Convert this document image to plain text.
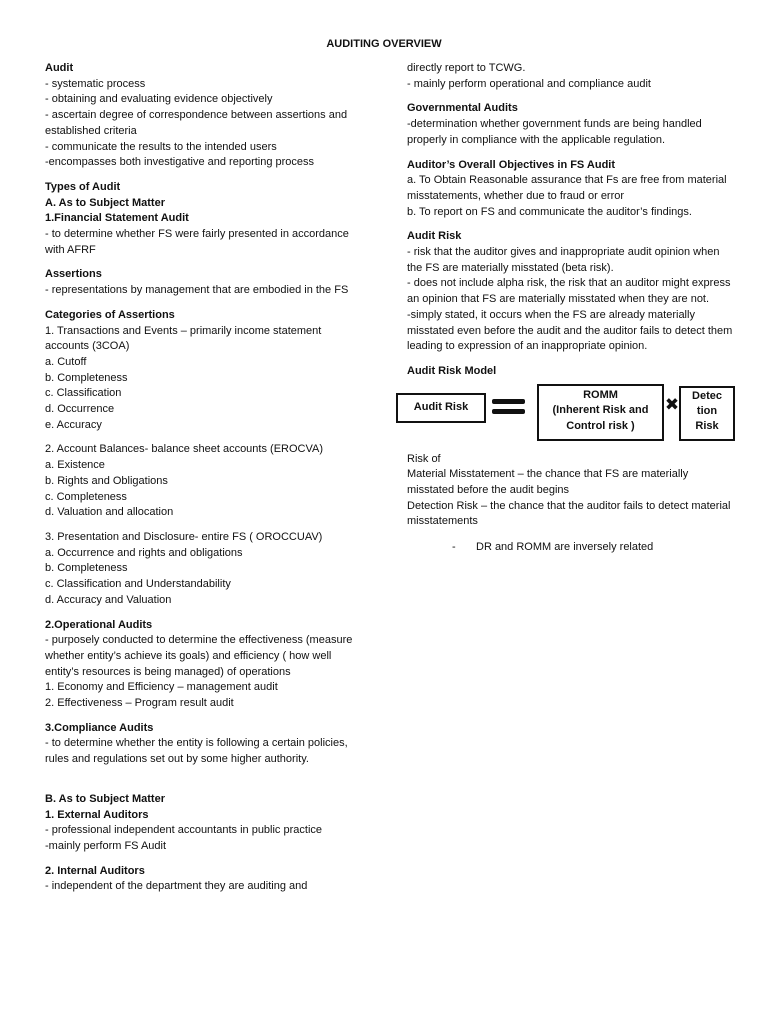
AUDITING OVERVIEW
Audit
- systematic process
- obtaining and evaluating evidence objectively
- ascertain degree of correspondence between assertions and established criteria
- communicate the results to the intended users
-encompasses both investigative and reporting process
Types of Audit
A. As to Subject Matter
1.Financial Statement Audit
- to determine whether FS were fairly presented in accordance with AFRF
Assertions
- representations by management that are embodied in the FS
Categories of Assertions
1. Transactions and Events – primarily income statement accounts (3COA)
a. Cutoff
b. Completeness
c. Classification
d. Occurrence
e. Accuracy
2. Account Balances- balance sheet accounts (EROCVA)
a. Existence
b. Rights and Obligations
c. Completeness
d. Valuation and allocation
3. Presentation and Disclosure- entire FS ( OROCCUAV)
a. Occurrence and rights and obligations
b. Completeness
c. Classification and Understandability
d. Accuracy and Valuation
2.Operational Audits
- purposely conducted to determine the effectiveness (measure whether entity’s achieve its goals) and efficiency ( how well entity’s resources is being managed) of operations
1. Economy and Efficiency – management audit
2. Effectiveness – Program result audit
3.Compliance Audits
- to determine whether the entity is following a certain policies, rules and regulations set out by some higher authority.
B. As to Subject Matter
1. External Auditors
- professional independent accountants in public practice
-mainly perform FS Audit
2. Internal Auditors
- independent of the department they are auditing and
directly report to TCWG.
- mainly perform operational and compliance audit
Governmental Audits
-determination whether government funds are being handled properly in compliance with the applicable regulation.
Auditor’s Overall Objectives in FS Audit
a. To Obtain Reasonable assurance that Fs are free from material misstatements, whether due to fraud or error
b. To report on FS and communicate the auditor’s findings.
Audit Risk
- risk that the auditor gives and inappropriate audit opinion when the FS are materially misstated (beta risk).
- does not include alpha risk, the risk that an auditor might express an opinion that FS are materially misstated when they are not.
-simply stated, it occurs when the FS are already materially misstated even before the audit and the auditor fails to detect them leading to expression of an inappropriate opinion.
Audit Risk Model
Audit Risk
ROMM
(Inherent Risk and
Control risk )
✖	Detec
tion
Risk
Risk of
Material Misstatement – the chance that FS are materially misstated before the audit begins
Detection Risk – the chance that the auditor fails to detect material misstatements
- DR and ROMM are inversely related
